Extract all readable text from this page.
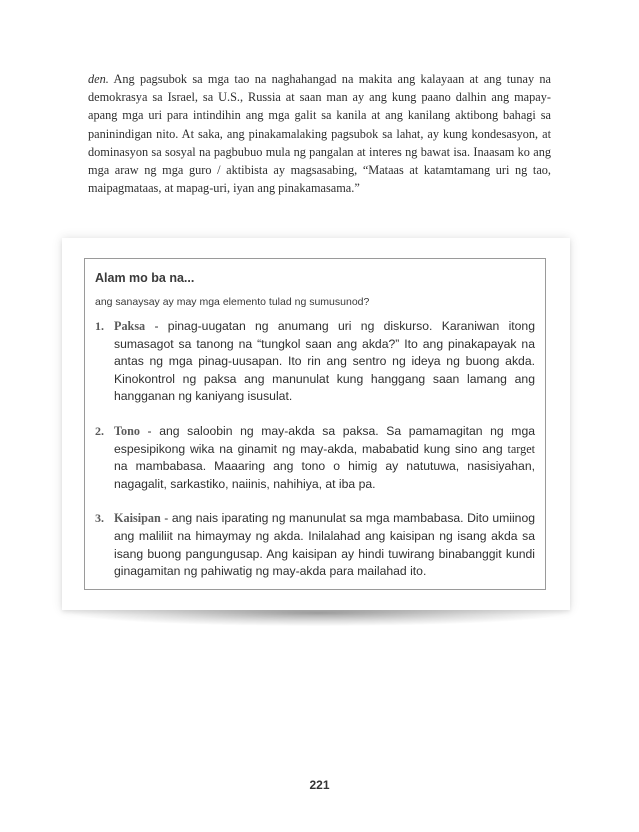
den. Ang pagsubok sa mga tao na naghahangad na makita ang kalayaan at ang tunay na demokrasya sa Israel, sa U.S., Russia at saan man ay ang kung paano dalhin ang mapay-apang mga uri para intindihin ang mga galit sa kanila at ang kanilang aktibong bahagi sa paninindigan nito. At saka, ang pinakamalaking pagsubok sa lahat, ay kung kondesasyon, at dominasyon sa sosyal na pagbubuo mula ng pangalan at interes ng bawat isa. Inaasam ko ang mga araw ng mga guro / aktibista ay magsasabing, “Mataas at katamtamang uri ng tao, maipagmataas, at mapag-uri, iyan ang pinakamasama.”
Alam mo ba na...
ang sanaysay ay may mga elemento tulad ng sumusunod?
1. Paksa - pinag-uugatan ng anumang uri ng diskurso. Karaniwan itong sumasagot sa tanong na “tungkol saan ang akda?” Ito ang pinakapayak na antas ng mga pinag-uusapan. Ito rin ang sentro ng ideya ng buong akda. Kinokontrol ng paksa ang manunulat kung hanggang saan lamang ang hangganan ng kaniyang isusulat.
2. Tono - ang saloobin ng may-akda sa paksa. Sa pamamagitan ng mga espesipikong wika na ginamit ng may-akda, mababatid kung sino ang target na mambabasa. Maaaring ang tono o himig ay natutuwa, nasisiyahan, nagagalit, sarkastiko, naiinis, nahihiya, at iba pa.
3. Kaisipan - ang nais iparating ng manunulat sa mga mambabasa. Dito umiinog ang maliliit na himaymay ng akda. Inilalahad ang kaisipan ng isang akda sa isang buong pangungusap. Ang kaisipan ay hindi tuwirang binabanggit kundi ginagamitan ng pahiwatig ng may-akda para mailahad ito.
221
